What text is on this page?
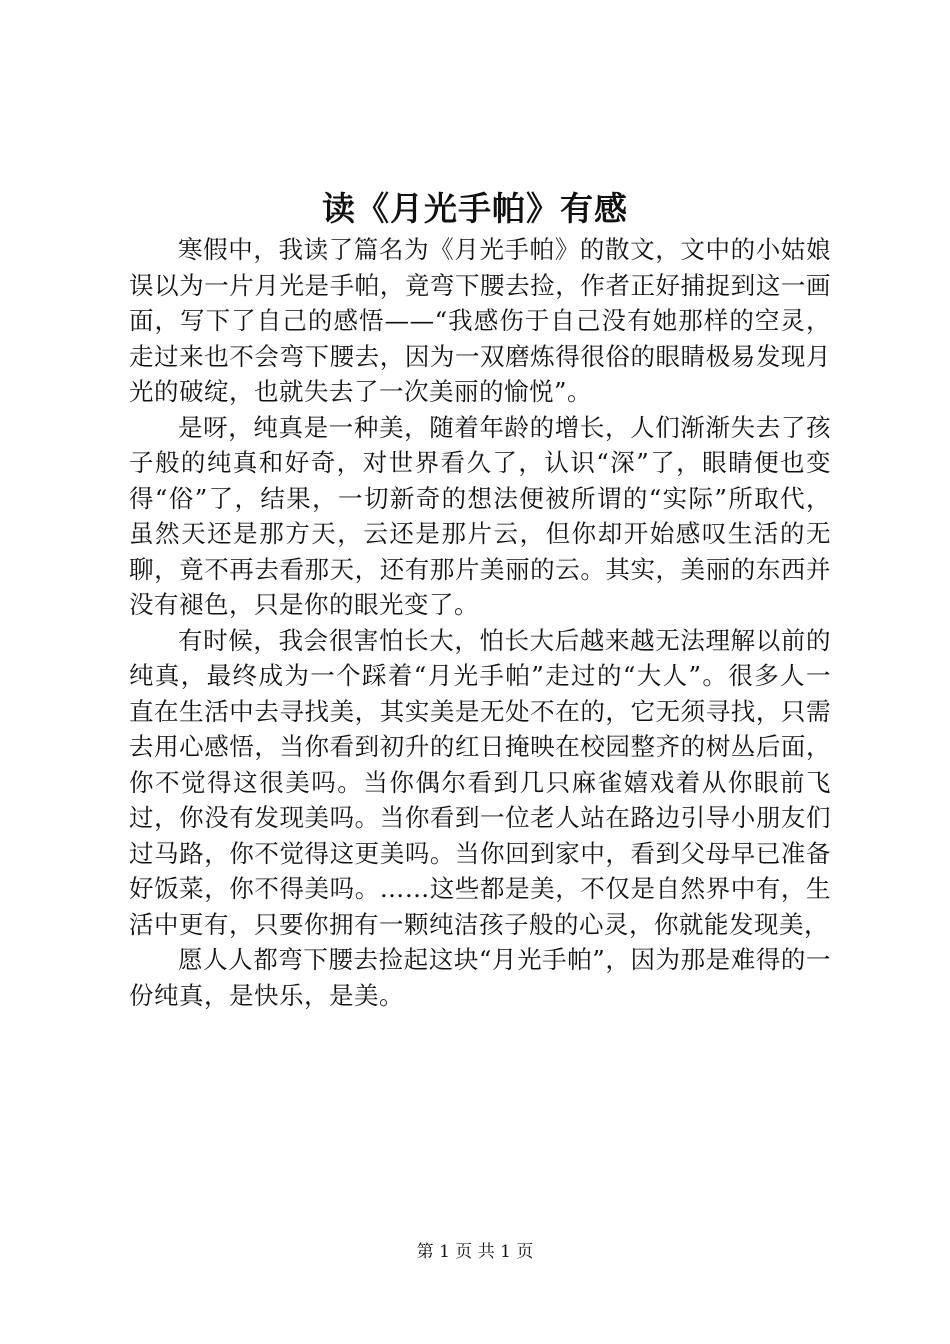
读《月光手帕》有感

寒假中，我读了篇名为《月光手帕》的散文，文中的小姑娘误以为一片月光是手帕，竟弯下腰去捡，作者正好捕捉到这一画面，写下了自己的感悟——“我感伤于自己没有她那样的空灵，走过来也不会弯下腰去，因为一双磨炼得很俗的眼睛极易发现月光的破绽，也就失去了一次美丽的愉悦”。

是呀，纯真是一种美，随着年龄的增长，人们渐渐失去了孩子般的纯真和好奇，对世界看久了，认识“深”了，眼睛便也变得“俗”了，结果，一切新奇的想法便被所谓的“实际”所取代，虽然天还是那方天，云还是那片云，但你却开始感叹生活的无聊，竟不再去看那天，还有那片美丽的云。其实，美丽的东西并没有褪色，只是你的眼光变了。

有时候，我会很害怕长大，怕长大后越来越无法理解以前的纯真，最终成为一个踩着“月光手帕”走过的“大人”。很多人一直在生活中去寻找美，其实美是无处不在的，它无须寻找，只需去用心感悟，当你看到初升的红日掩映在校园整齐的树丛后面，你不觉得这很美吗。当你偶尔看到几只麻雀嬉戏着从你眼前飞过，你没有发现美吗。当你看到一位老人站在路边引导小朋友们过马路，你不觉得这更美吗。当你回到家中，看到父母早已准备好饭菜，你不得美吗。……这些都是美，不仅是自然界中有，生活中更有，只要你拥有一颗纯洁孩子般的心灵，你就能发现美，

愿人人都弯下腰去捡起这块“月光手帕”，因为那是难得的一份纯真，是快乐，是美。

第 1 页 共 1 页
